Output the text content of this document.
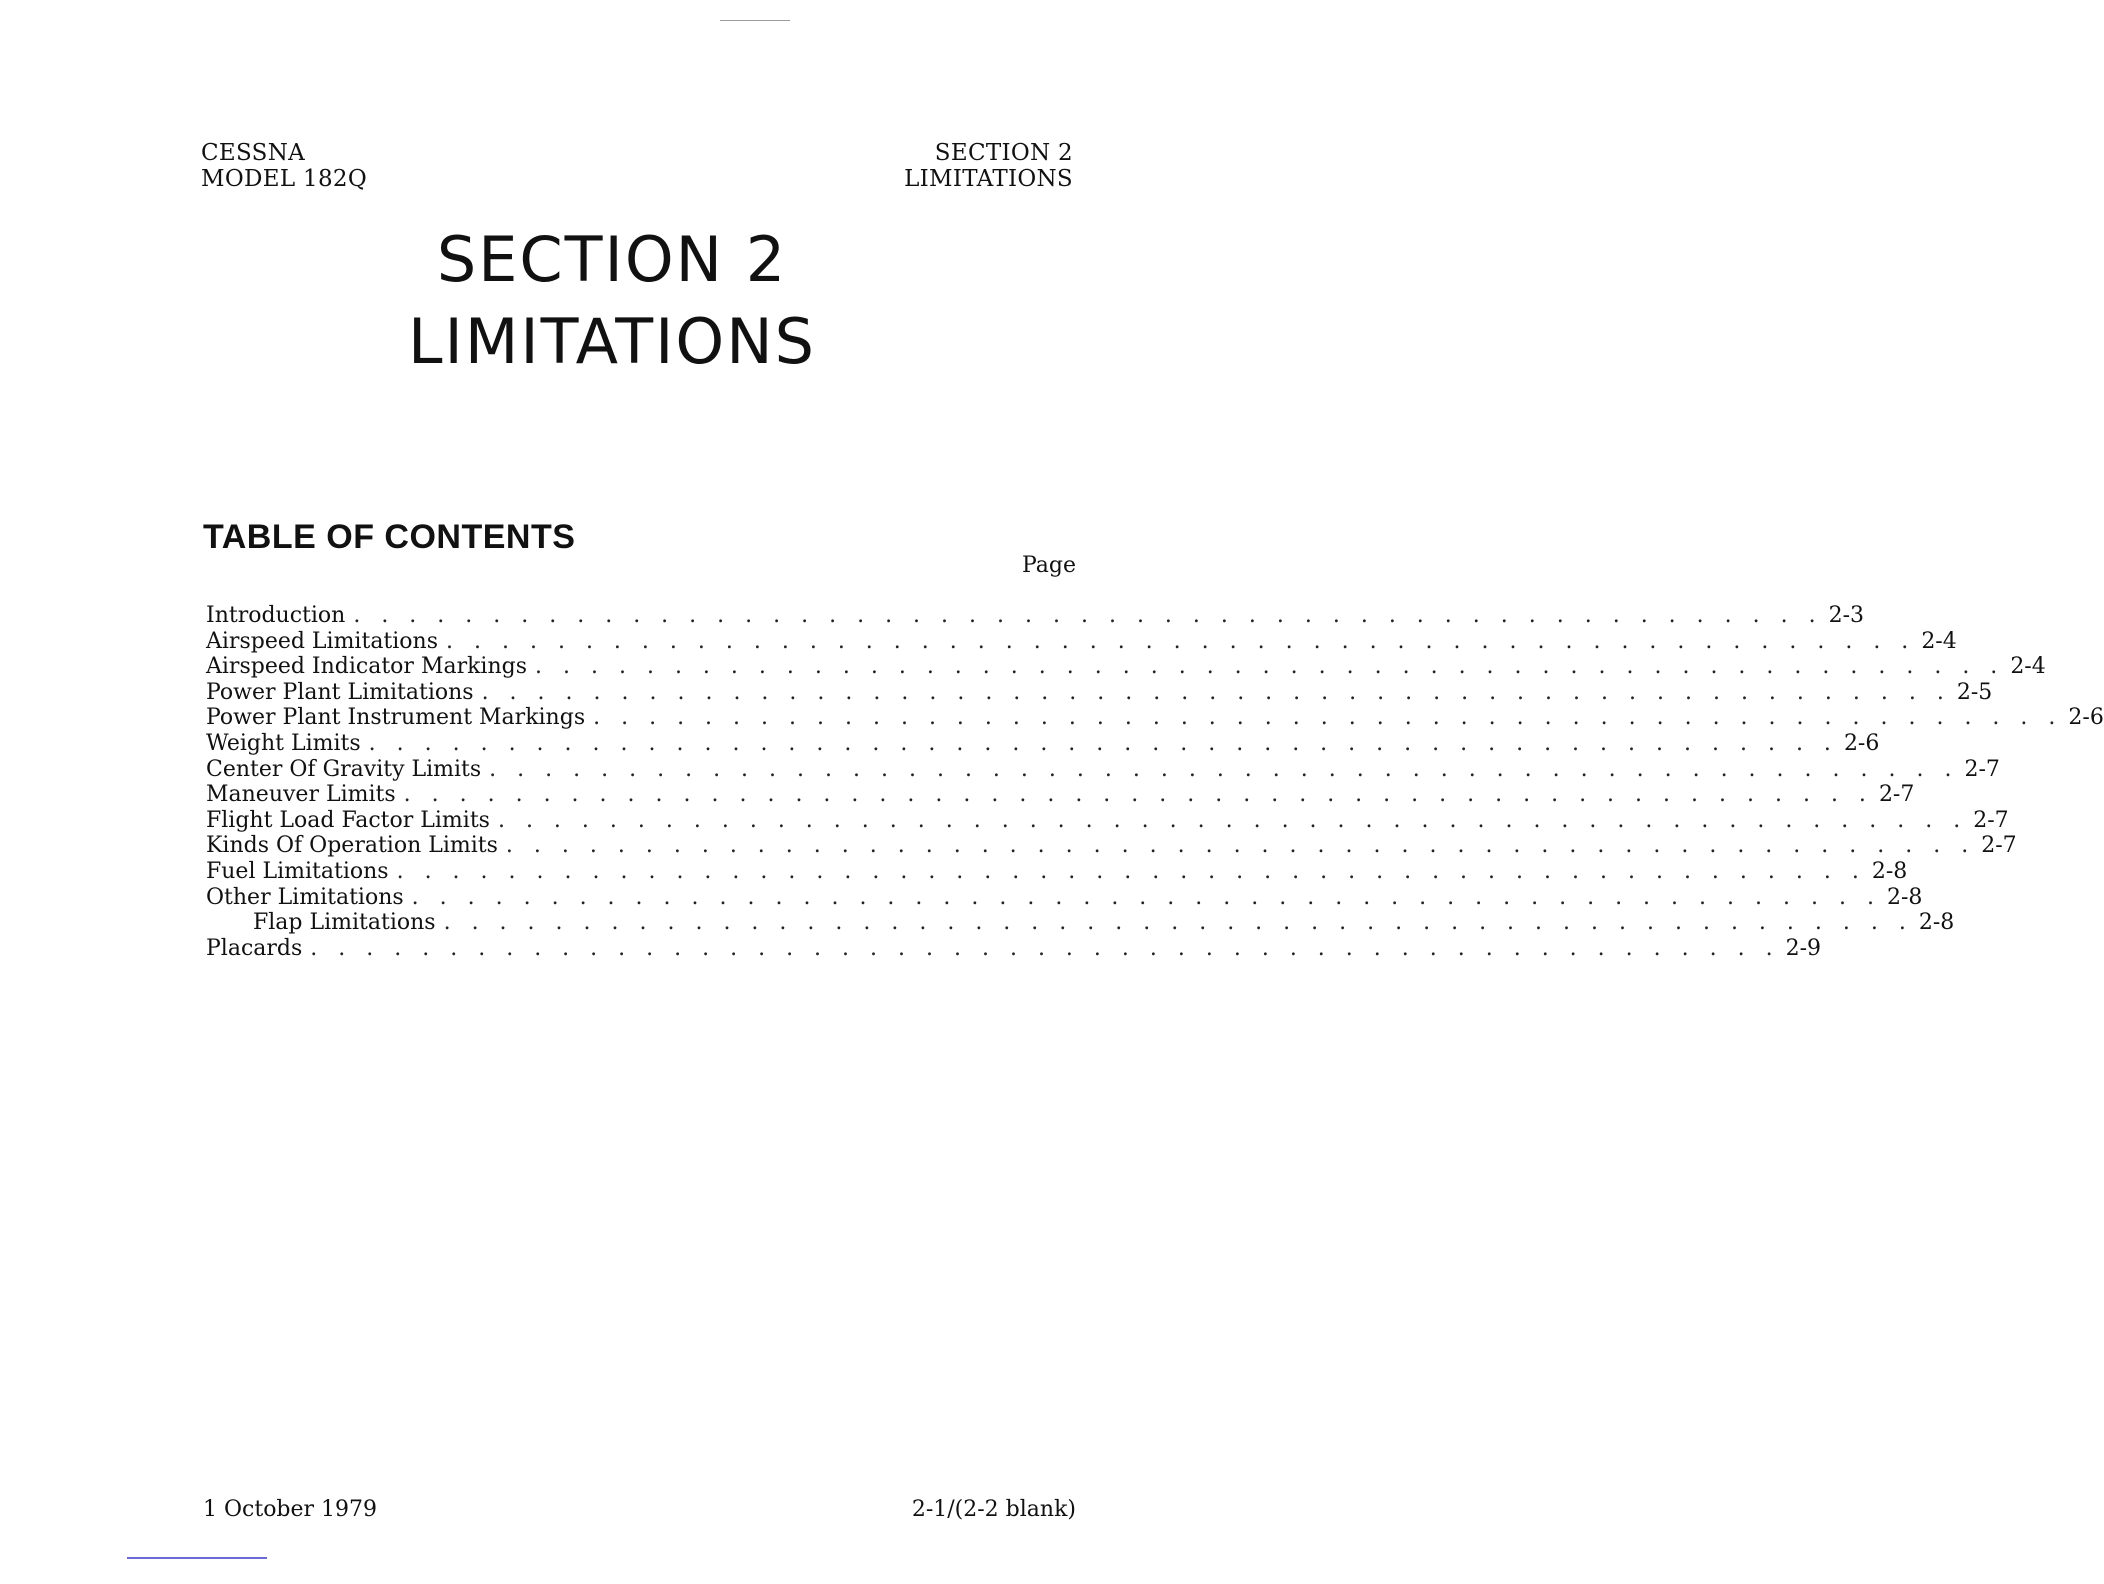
CESSNA
MODEL 182Q
SECTION 2
LIMITATIONS
SECTION 2
LIMITATIONS
TABLE OF CONTENTS
Page
Introduction . . . . . . . . . . . . . . . . . . . . . . . . . . . . . . . . . . . . . . . . . . . . . . . . . . . . . 2-3
Airspeed Limitations . . . . . . . . . . . . . . . . . . . . . . . . . . . . . . . . . . . . . . . . . . . . . . . . . . . . . 2-4
Airspeed Indicator Markings . . . . . . . . . . . . . . . . . . . . . . . . . . . . . . . . . . . . . . . . . . . . . . . . . . . . . 2-4
Power Plant Limitations . . . . . . . . . . . . . . . . . . . . . . . . . . . . . . . . . . . . . . . . . . . . . . . . . . . . . 2-5
Power Plant Instrument Markings . . . . . . . . . . . . . . . . . . . . . . . . . . . . . . . . . . . . . . . . . . . . . . . . . . . . . 2-6
Weight Limits . . . . . . . . . . . . . . . . . . . . . . . . . . . . . . . . . . . . . . . . . . . . . . . . . . . . . 2-6
Center Of Gravity Limits . . . . . . . . . . . . . . . . . . . . . . . . . . . . . . . . . . . . . . . . . . . . . . . . . . . . . 2-7
Maneuver Limits . . . . . . . . . . . . . . . . . . . . . . . . . . . . . . . . . . . . . . . . . . . . . . . . . . . . . 2-7
Flight Load Factor Limits . . . . . . . . . . . . . . . . . . . . . . . . . . . . . . . . . . . . . . . . . . . . . . . . . . . . . 2-7
Kinds Of Operation Limits . . . . . . . . . . . . . . . . . . . . . . . . . . . . . . . . . . . . . . . . . . . . . . . . . . . . . 2-7
Fuel Limitations . . . . . . . . . . . . . . . . . . . . . . . . . . . . . . . . . . . . . . . . . . . . . . . . . . . . . 2-8
Other Limitations . . . . . . . . . . . . . . . . . . . . . . . . . . . . . . . . . . . . . . . . . . . . . . . . . . . . . 2-8
Flap Limitations . . . . . . . . . . . . . . . . . . . . . . . . . . . . . . . . . . . . . . . . . . . . . . . . . . . . . 2-8
Placards . . . . . . . . . . . . . . . . . . . . . . . . . . . . . . . . . . . . . . . . . . . . . . . . . . . . . 2-9
1 October 1979	2-1/(2-2 blank)
